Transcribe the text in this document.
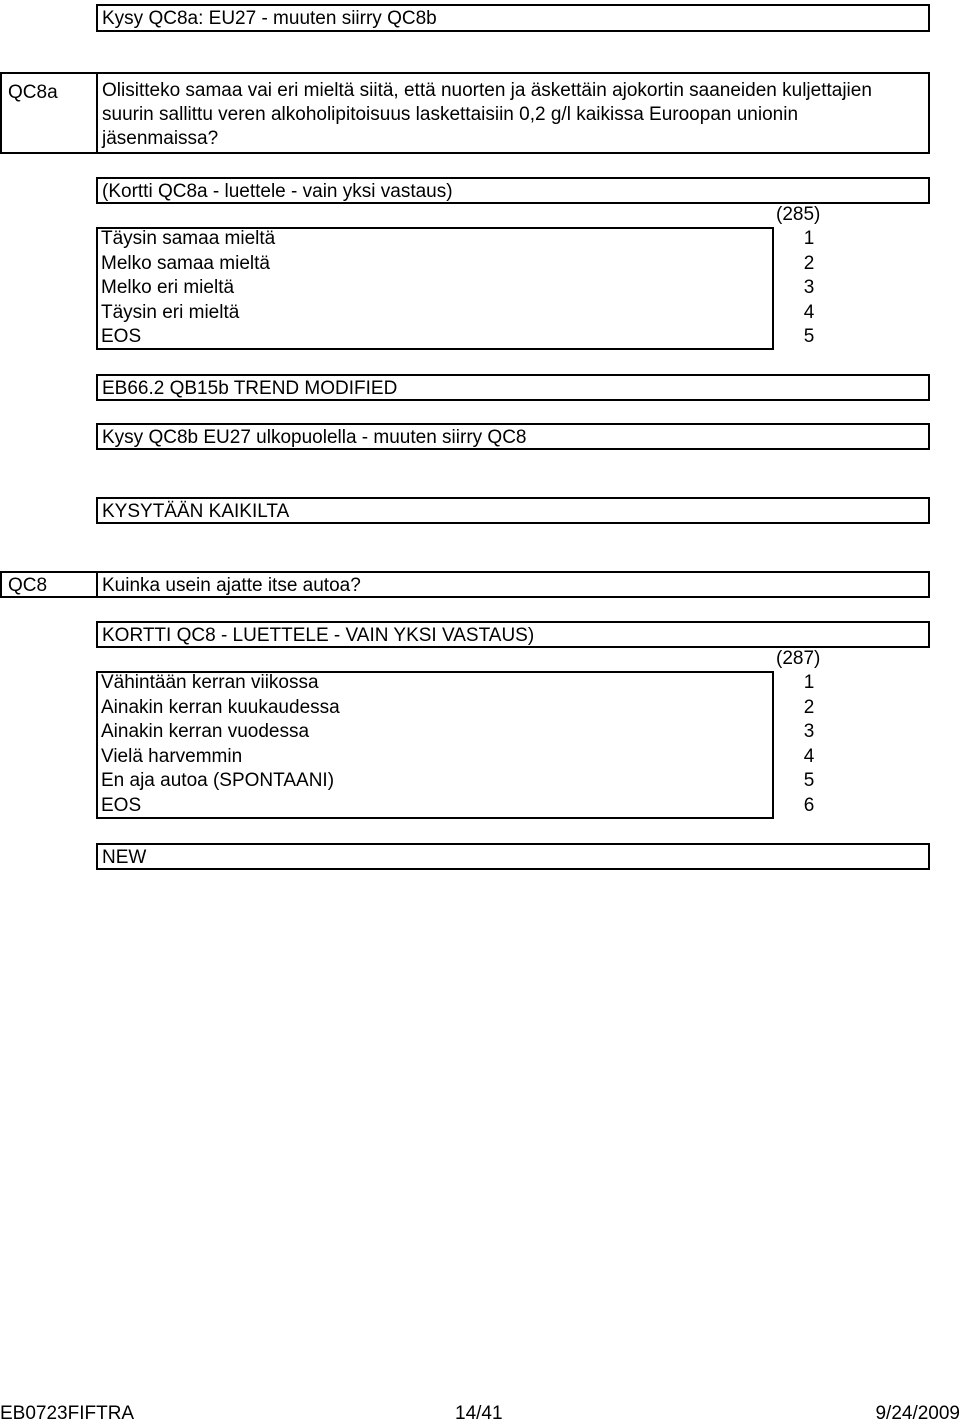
Kysy QC8a: EU27 - muuten siirry QC8b
QC8a Olisitteko samaa vai eri mieltä siitä, että nuorten ja äskettäin ajokortin saaneiden kuljettajien
suurin sallittu veren alkoholipitoisuus laskettaisiin 0,2 g/l kaikissa Euroopan unionin
jäsenmaissa?
(Kortti QC8a - luettele - vain yksi vastaus)
(285)
Täysin samaa mieltä	1
Melko samaa mieltä	2
Melko eri mieltä	3
Täysin eri mieltä	4
EOS	5
EB66.2 QB15b TREND MODIFIED
Kysy QC8b EU27 ulkopuolella - muuten siirry QC8
KYSYTÄÄN KAIKILTA
QC8	Kuinka usein ajatte itse autoa?
KORTTI QC8 - LUETTELE - VAIN YKSI VASTAUS)
(287)
Vähintään kerran viikossa	1
Ainakin kerran kuukaudessa	2
Ainakin kerran vuodessa	3
Vielä harvemmin	4
En aja autoa (SPONTAANI)	5
EOS	6
NEW
EB0723FIFTRA	14/41	9/24/2009
